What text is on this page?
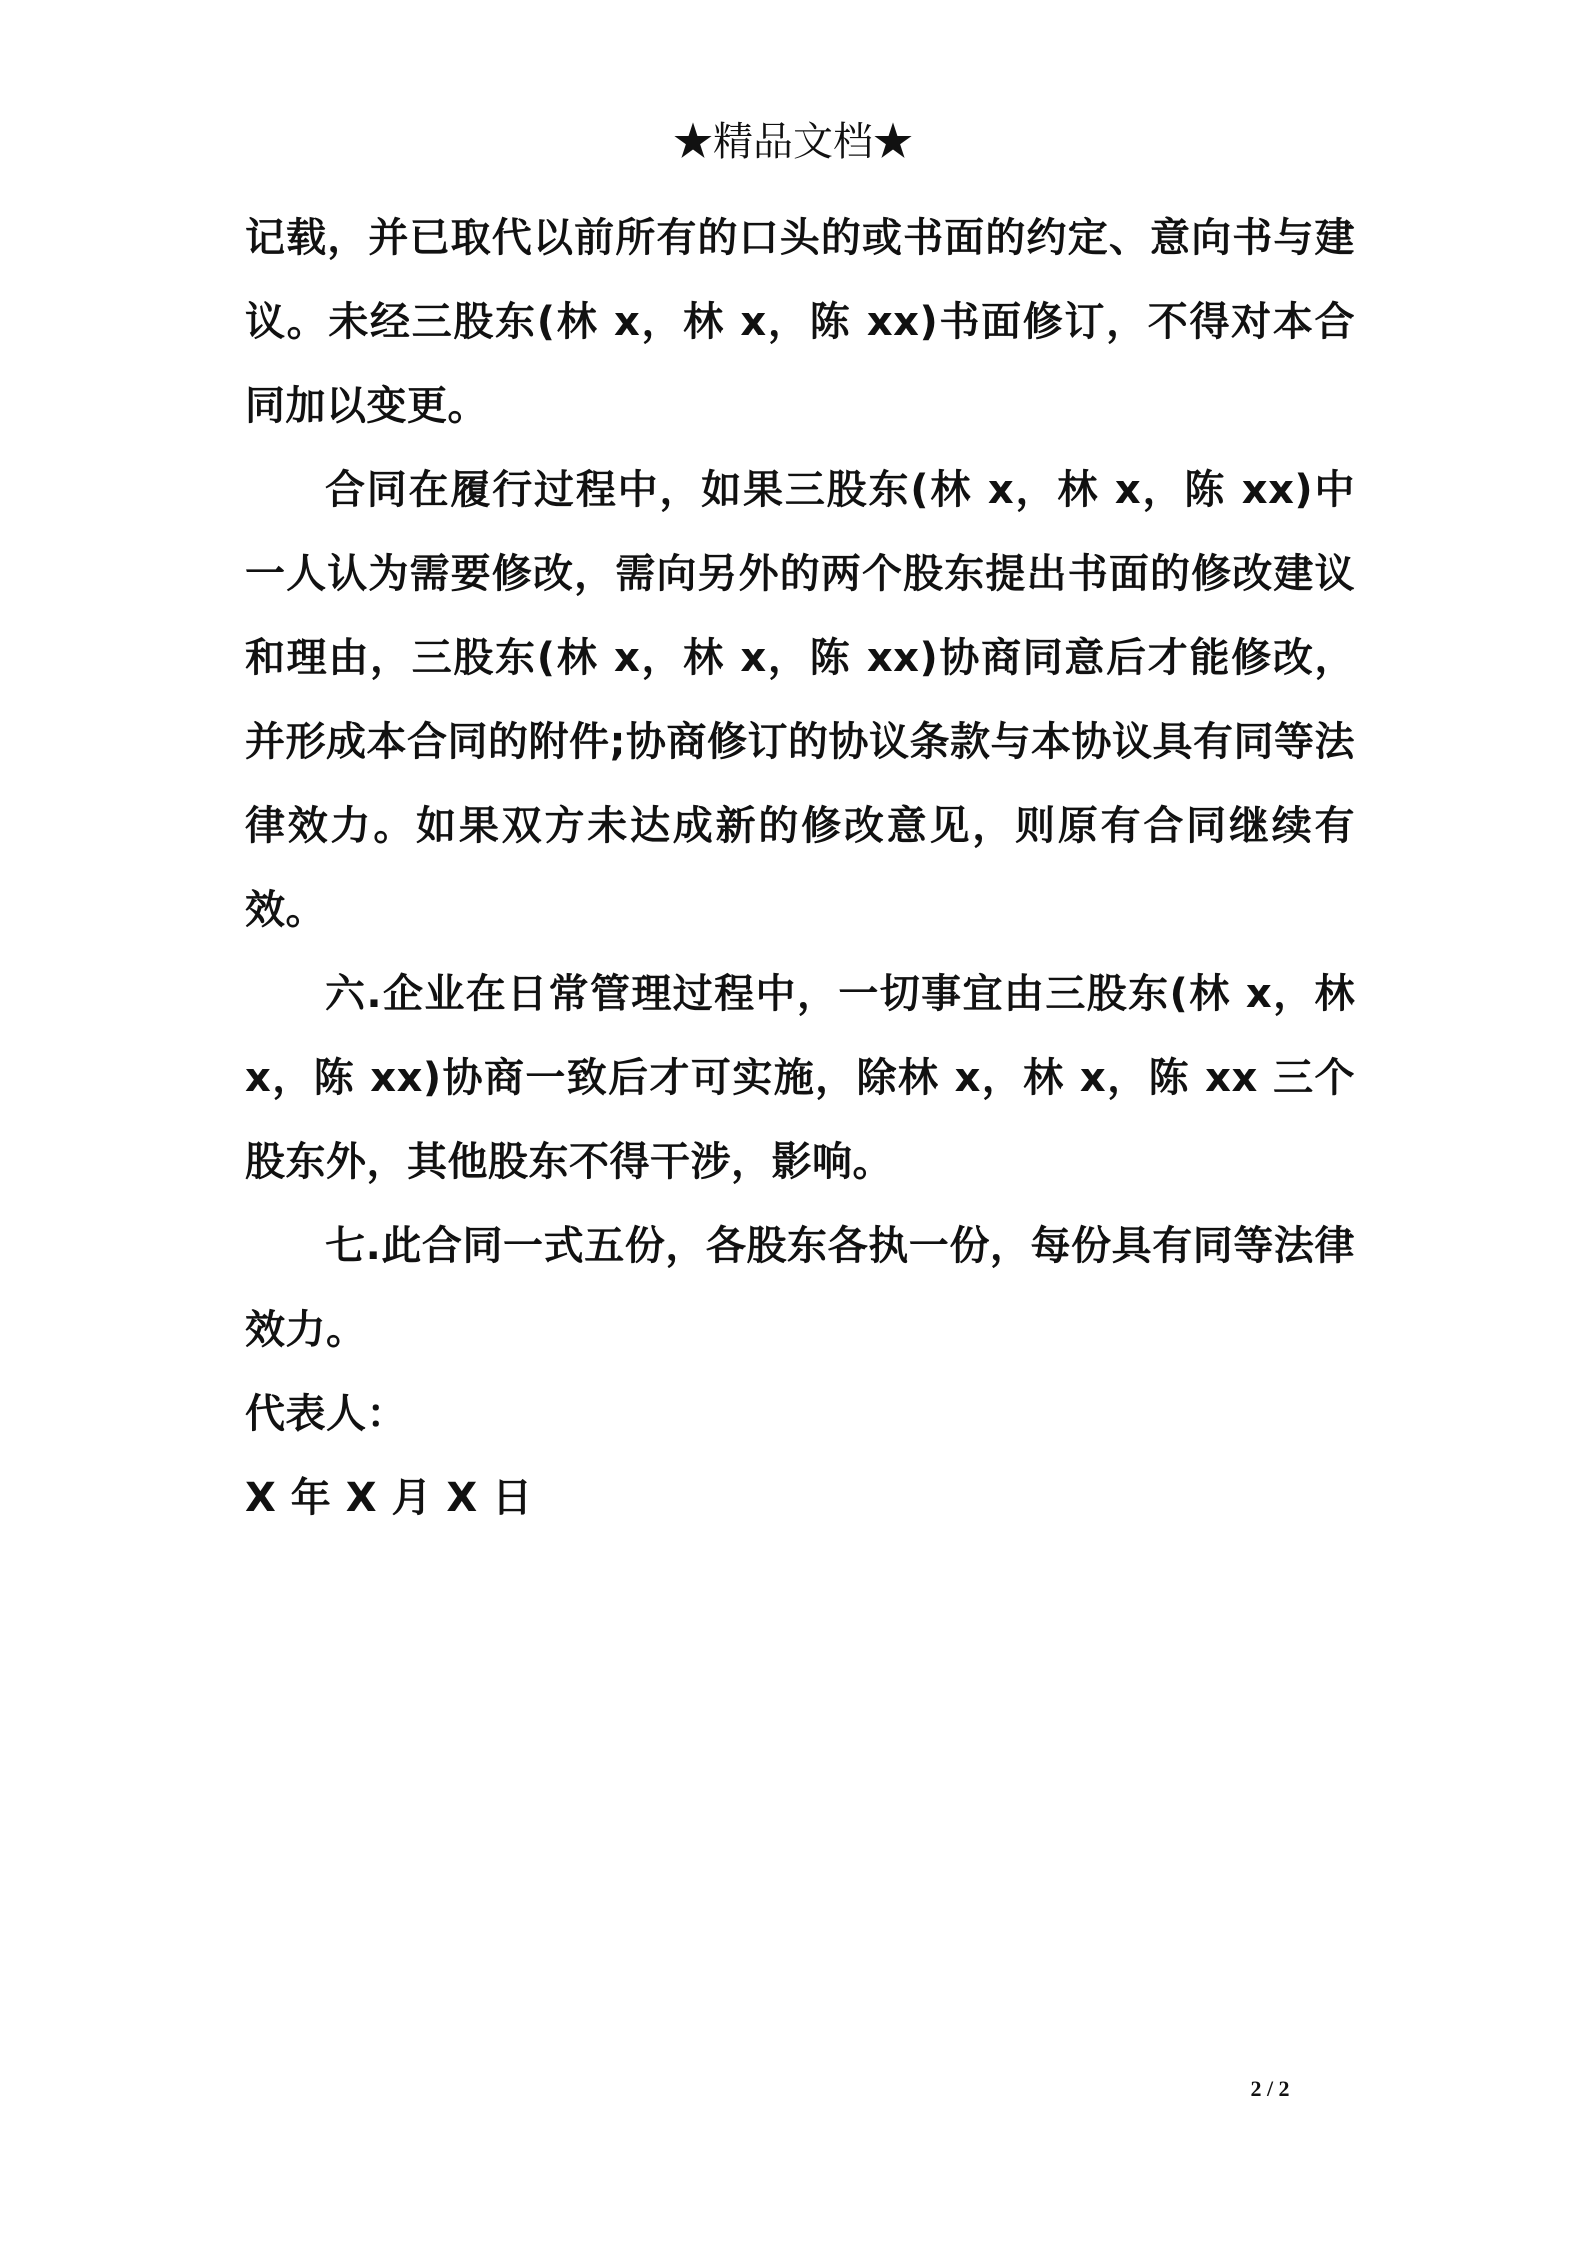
★精品文档★

记载，并已取代以前所有的口头的或书面的约定、意向书与建议。未经三股东(林 x，林 x，陈 xx)书面修订，不得对本合同加以变更。

合同在履行过程中，如果三股东(林 x，林 x，陈 xx)中一人认为需要修改，需向另外的两个股东提出书面的修改建议和理由，三股东(林 x，林 x，陈 xx)协商同意后才能修改，并形成本合同的附件;协商修订的协议条款与本协议具有同等法律效力。如果双方未达成新的修改意见，则原有合同继续有效。

六.企业在日常管理过程中，一切事宜由三股东(林 x，林 x，陈 xx)协商一致后才可实施，除林 x，林 x，陈 xx 三个股东外，其他股东不得干涉，影响。

七.此合同一式五份，各股东各执一份，每份具有同等法律效力。

代表人：

X 年 X 月 X 日

2 / 2
